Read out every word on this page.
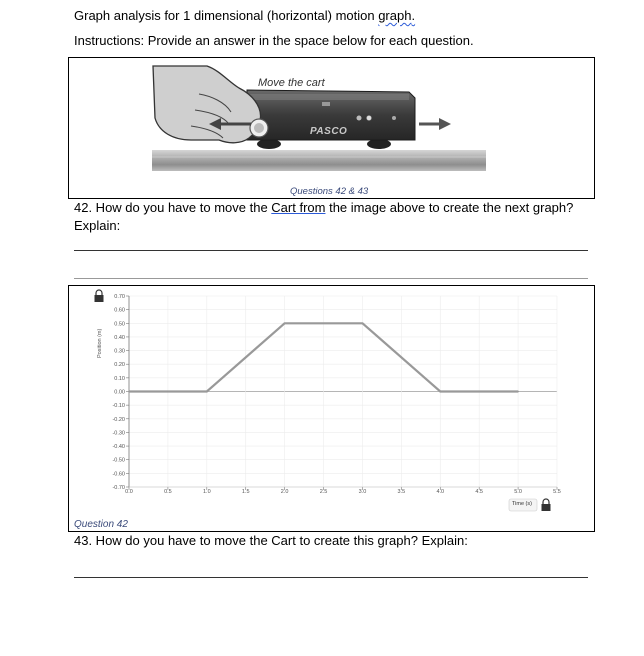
Graph analysis for 1 dimensional (horizontal) motion graph.
Instructions: Provide an answer in the space below for each question.
Move the cart
PASCO
Questions 42 & 43
42. How do you have to move the Cart from the image above to create the next graph?
Explain:
0.70
0.60
0.50
0.40
0.30
0.20
0.10
0.00
-0.10
-0.20
-0.30
-0.40
-0.50
-0.60
-0.70
0.0	0.5	1.0	1.5	2.0	2.5	3.0	3.5	4.0	4.5	5.0	5.5
Position (m)
Time (s)
Question 42
43. How do you have to move the Cart to create this graph? Explain:
